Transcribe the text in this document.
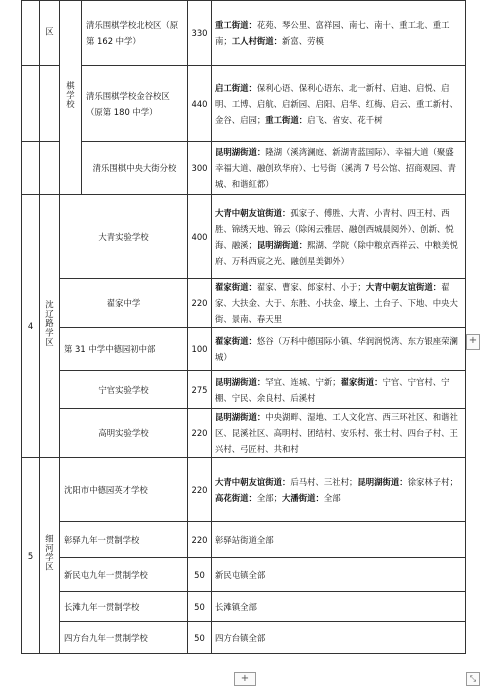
	区	棋学校	清乐围棋学校北校区（原第 162 中学）	330	重工街道：花苑、琴公里、富祥园、南七、南十、重工北、重工南；工人村街道：新富、劳模
			清乐围棋学校金谷校区（原第 180 中学）	440	启工街道：保利心语、保利心语东、北一新村、启迪、启悦、启明、工博、启航、启新园、启阳、启华、红梅、启云、重工新村、金谷、启园；重工街道：启飞、省安、花千树
			清乐围棋中央大街分校	300	昆明湖街道：隆湖（溪湾澜庭、新湖青蓝国际）、幸福大道（聚盛幸福大道、融创玖华府）、七号街（溪湾 7 号公馆、招商观园、青城、和谐紅都）
4	沈辽路学区	大青实验学校		400	大青中朝友谊街道：孤家子、傅胜、大青、小青村、四王村、西胜、锦绣天地、锦云（除闲云雅居、融创西城晨阅外）、创新、悦海、融溪；昆明湖街道：熙湖、学院（除中粮京西祥云、中粮美悦府、万科西宸之光、融创星美御外）
		翟家中学		220	翟家街道：翟家、曹家、郎家村、小于；大青中朝友谊街道：翟家、大扶金、大于、东胜、小扶金、壕上、土台子、下地、中央大街、景南、春天里
		第 31 中学中德园初中部		100	翟家街道：悠谷（万科中德国际小镇、华润润悦湾、东方银座荣澜城）
		宁官实验学校		275	昆明湖街道：罕宜、连城、宁新；翟家街道：宁官、宁官村、宁棚、宁民、余良村、后溪村
		高明实验学校		220	昆明湖街道：中央湖畔、湿地、工人文化宫、西三环社区、和谐社区、昆溪社区、高明村、团结村、安乐村、张士村、四台子村、王兴村、弓匠村、共和村
5	细河学区	沈阳市中德园英才学校		220	大青中朝友谊街道：后马村、三社村；昆明湖街道：徐家林子村；高花街道：全部；大潘街道：全部
		彰驿九年一贯制学校		220	彰驿站街道全部
		新民屯九年一贯制学校		50	新民屯镇全部
		长滩九年一贯制学校		50	长滩镇全部
		四方台九年一贯制学校		50	四方台镇全部
+
+	⤡
